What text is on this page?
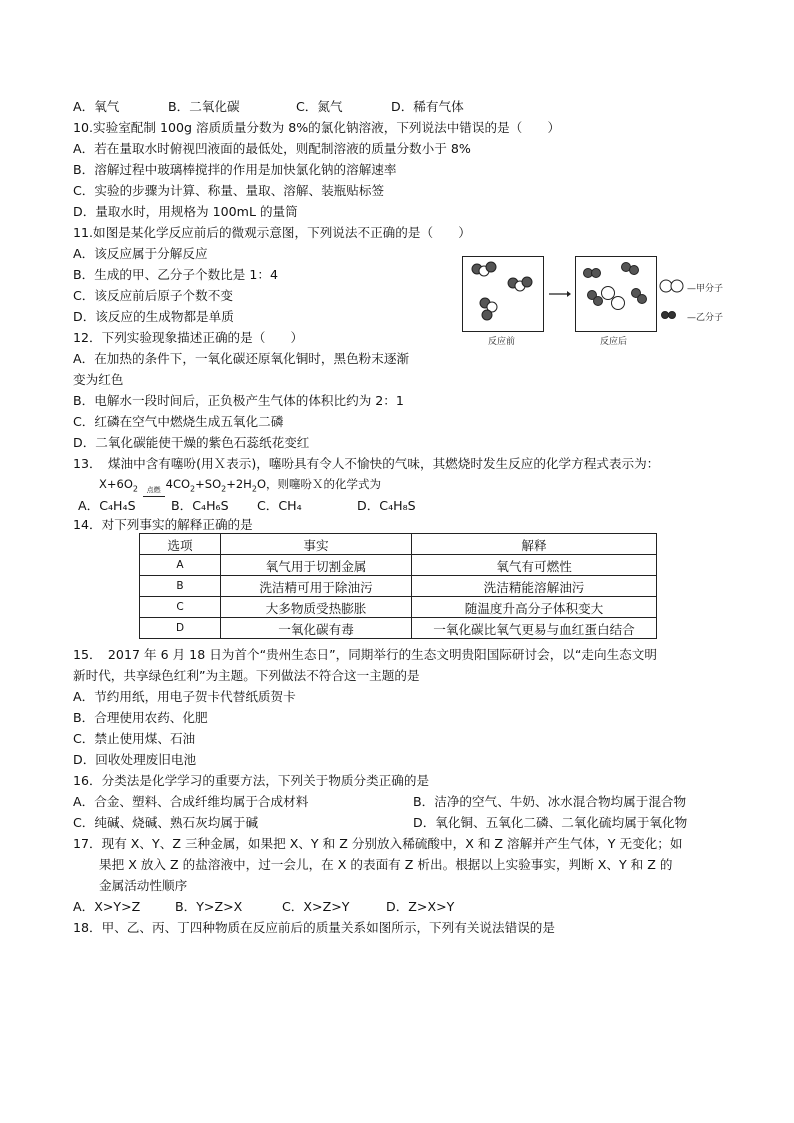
A．氧气	B．二氧化碳	C．氮气	D．稀有气体
10.实验室配制 100g 溶质质量分数为 8%的氯化钠溶液，下列说法中错误的是（　　）
A．若在量取水时俯视凹液面的最低处，则配制溶液的质量分数小于 8%
B．溶解过程中玻璃棒搅拌的作用是加快氯化钠的溶解速率
C．实验的步骤为计算、称量、量取、溶解、装瓶贴标签
D．量取水时，用规格为 100mL 的量筒
11.如图是某化学反应前后的微观示意图，下列说法不正确的是（　　）
A．该反应属于分解反应
B．生成的甲、乙分子个数比是 1：4
C．该反应前后原子个数不变
D．该反应的生成物都是单质
反应前	反应后
—甲分子
—乙分子
12．下列实验现象描述正确的是（　　）
A．在加热的条件下，一氧化碳还原氧化铜时，黑色粉末逐渐
变为红色
B．电解水一段时间后，正负极产生气体的体积比约为 2：1
C．红磷在空气中燃烧生成五氧化二磷
D．二氧化碳能使干燥的紫色石蕊纸花变红
13．　煤油中含有噻吩(用Ｘ表示)，噻吩具有令人不愉快的气味，其燃烧时发生反应的化学方程式表示为：
$X+6O_2$	点燃 $4CO_2+SO_2+2H_2O$，则噻吩Ｘ的化学式为
A．C₄H₄S	B．C₄H₆S C．CH₄	D．C₄H₈S
14．对下列事实的解释正确的是
选项	事实	解释
A	氧气用于切割金属	氧气有可燃性
B	洗洁精可用于除油污	洗洁精能溶解油污
C	大多物质受热膨胀	随温度升高分子体积变大
D	一氧化碳有毒	一氧化碳比氧气更易与血红蛋白结合
15．　2017 年 6 月 18 日为首个“贵州生态日”，同期举行的生态文明贵阳国际研讨会，以“走向生态文明
新时代，共享绿色红利”为主题。下列做法不符合这一主题的是
A．节约用纸，用电子贺卡代替纸质贺卡
B．合理使用农药、化肥
C．禁止使用煤、石油
D．回收处理废旧电池
16．分类法是化学学习的重要方法，下列关于物质分类正确的是
A．合金、塑料、合成纤维均属于合成材料	B．洁净的空气、牛奶、冰水混合物均属于混合物
C．纯碱、烧碱、熟石灰均属于碱	D．氧化铜、五氧化二磷、二氧化硫均属于氧化物
17．现有 X、Y、Z 三种金属，如果把 X、Y 和 Z 分别放入稀硫酸中，X 和 Z 溶解并产生气体，Y 无变化；如
果把 X 放入 Z 的盐溶液中，过一会儿，在 X 的表面有 Z 析出。根据以上实验事实，判断 X、Y 和 Z 的
金属活动性顺序
A．X>Y>Z	B．Y>Z>X	C．X>Z>Y	D．Z>X>Y
18．甲、乙、丙、丁四种物质在反应前后的质量关系如图所示，下列有关说法错误的是
